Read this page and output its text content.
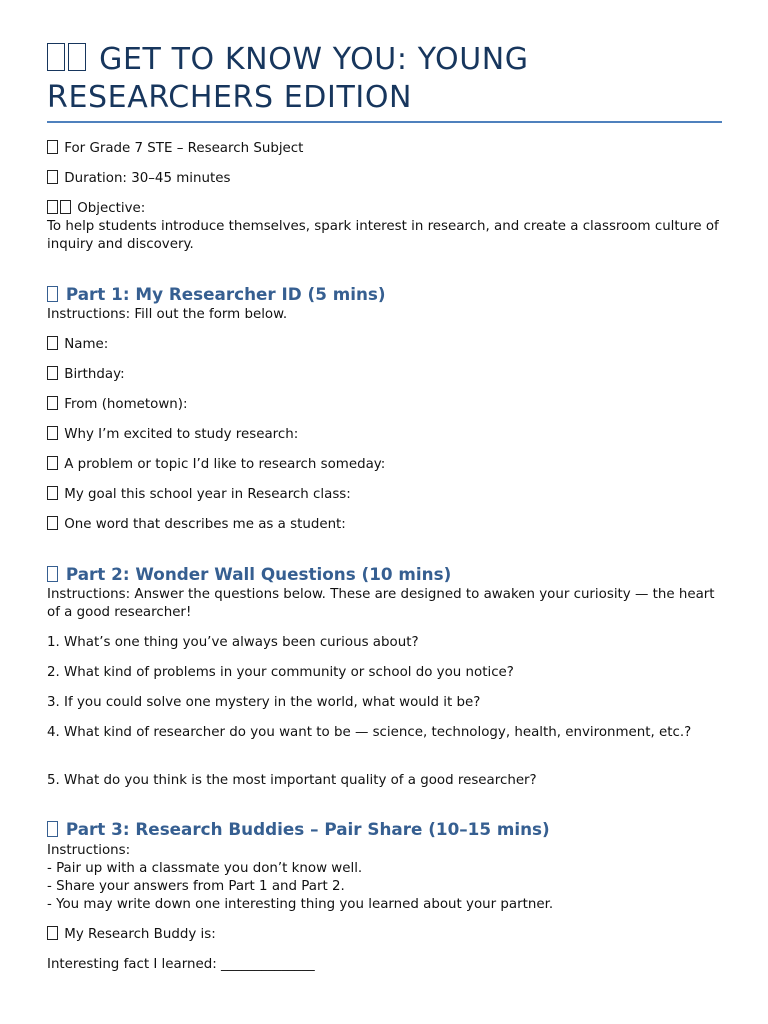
GET TO KNOW YOU: YOUNG RESEARCHERS EDITION

For Grade 7 STE – Research Subject

Duration: 30–45 minutes

Objective:

To help students introduce themselves, spark interest in research, and create a classroom culture of inquiry and discovery.

Part 1: My Researcher ID (5 mins)

Instructions: Fill out the form below.

Name:

Birthday:

From (hometown):

Why I’m excited to study research:

A problem or topic I’d like to research someday:

My goal this school year in Research class:

One word that describes me as a student:

Part 2: Wonder Wall Questions (10 mins)

Instructions: Answer the questions below. These are designed to awaken your curiosity — the heart of a good researcher!

1. What’s one thing you’ve always been curious about?

2. What kind of problems in your community or school do you notice?

3. If you could solve one mystery in the world, what would it be?

4. What kind of researcher do you want to be — science, technology, health, environment, etc.?

5. What do you think is the most important quality of a good researcher?

Part 3: Research Buddies – Pair Share (10–15 mins)

Instructions:

- Pair up with a classmate you don’t know well.

- Share your answers from Part 1 and Part 2.

- You may write down one interesting thing you learned about your partner.

My Research Buddy is:

Interesting fact I learned: ______________
